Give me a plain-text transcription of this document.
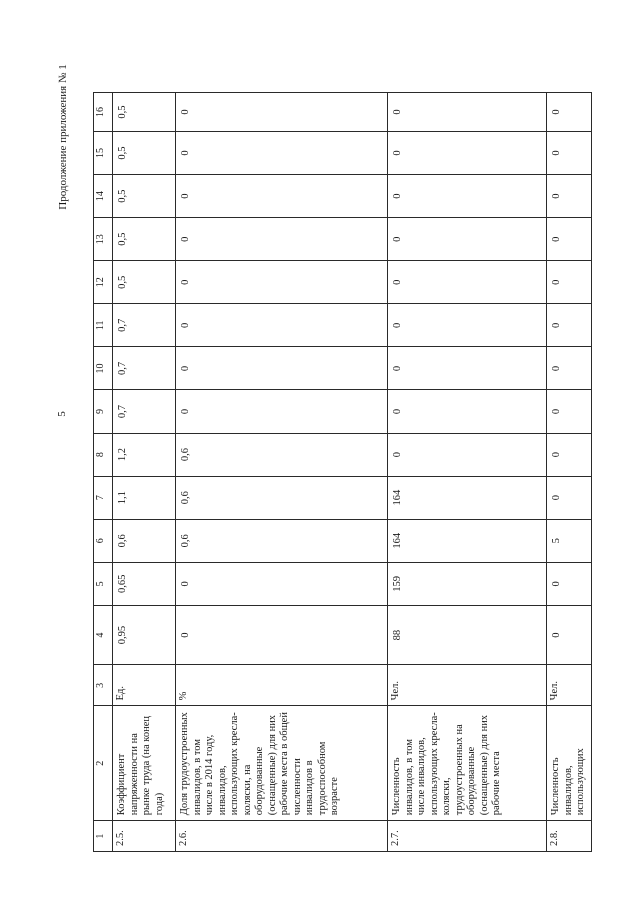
5
Продолжение приложения № 1
1	2	3	4	5	6	7	8	9	10	11	12	13	14	15	16
2.5.	Коэффициент напряженности на рынке труда (на конец года)	Ед.	0,95	0,65	0,6	1,1	1,2	0,7	0,7	0,7	0,5	0,5	0,5	0,5	0,5
2.6.	Доля трудоустроенных инвалидов, в том числе в 2014 году, инвалидов, использующих кресла-коляски, на оборудованные (оснащенные) для них рабочие места в общей численности инвалидов в трудоспособном возрасте	%	0	0	0,6	0,6	0,6	0	0	0	0	0	0	0	0
2.7.	Численность инвалидов, в том числе инвалидов, использующих кресла-коляски, трудоустроенных на оборудованные (оснащенные) для них рабочие места	Чел.	88	159	164	164	0	0	0	0	0	0	0	0	0
2.8.	Численность инвалидов, использующих	Чел.	0	0	5	0	0	0	0	0	0	0	0	0	0
